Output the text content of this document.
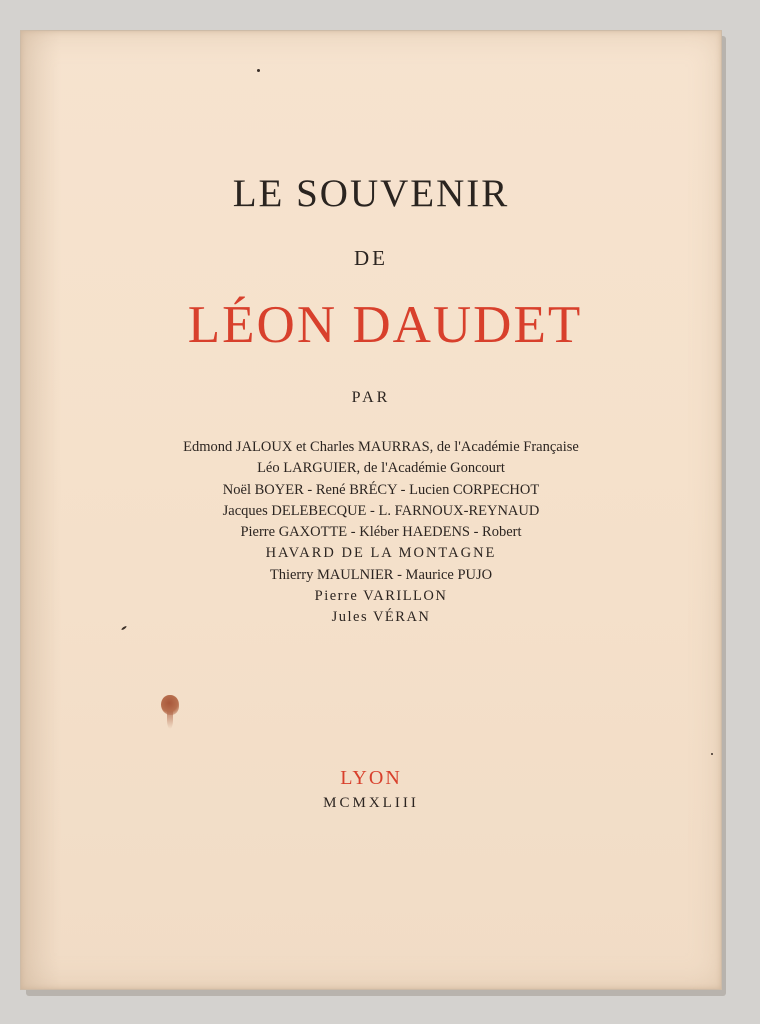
LE SOUVENIR
DE
LÉON DAUDET
PAR
Edmond JALOUX et Charles MAURRAS, de l'Académie Française
Léo LARGUIER, de l'Académie Goncourt
Noël BOYER - René BRÉCY - Lucien CORPECHOT
Jacques DELEBECQUE - L. FARNOUX-REYNAUD
Pierre GAXOTTE - Kléber HAEDENS - Robert
HAVARD DE LA MONTAGNE
Thierry MAULNIER - Maurice PUJO
Pierre VARILLON
Jules VÉRAN
LYON
MCMXLIII
